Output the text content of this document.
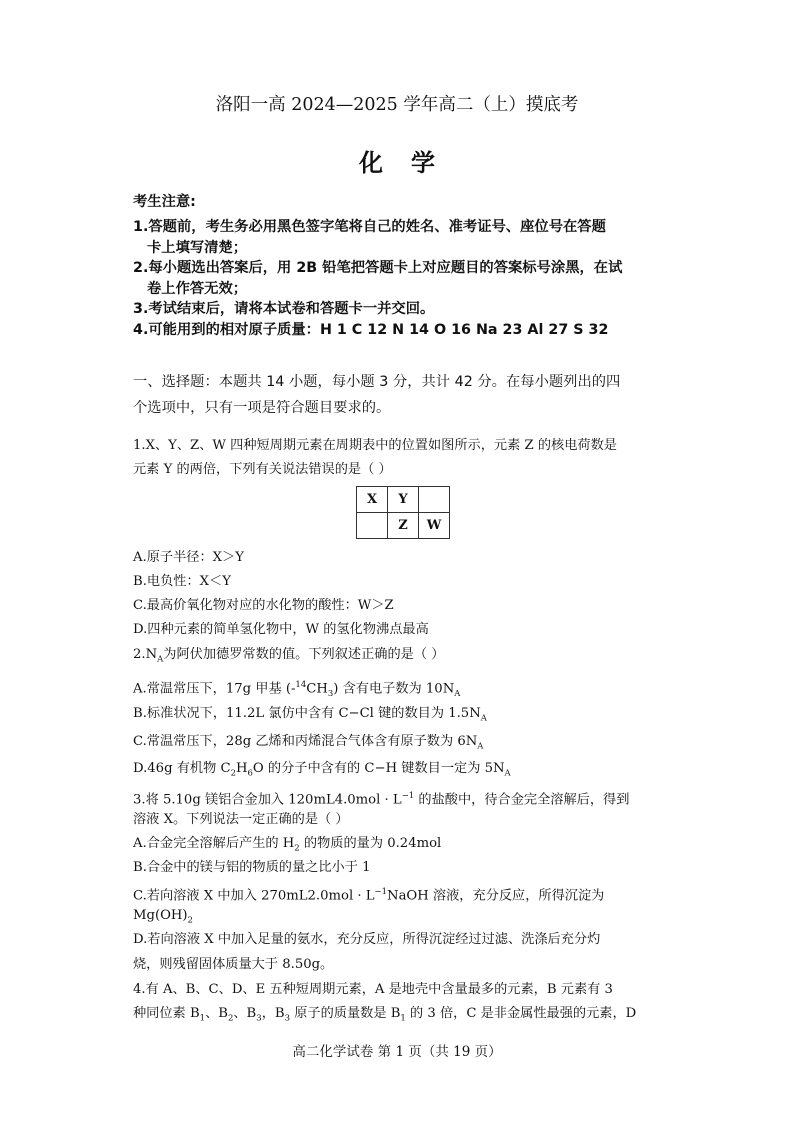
洛阳一高 2024—2025 学年高二（上）摸底考
化学
考生注意:
1.答题前，考生务必用黑色签字笔将自己的姓名、准考证号、座位号在答题
卡上填写清楚；
2.每小题选出答案后，用 2B 铅笔把答题卡上对应题目的答案标号涂黑，在试
卷上作答无效；
3.考试结束后，请将本试卷和答题卡一并交回。
4.可能用到的相对原子质量：H 1 C 12 N 14 O 16 Na 23 Al 27 S 32
一、选择题：本题共 14 小题，每小题 3 分，共计 42 分。在每小题列出的四
个选项中，只有一项是符合题目要求的。
1.X、Y、Z、W 四种短周期元素在周期表中的位置如图所示，元素 Z 的核电荷数是
元素 Y 的两倍，下列有关说法错误的是（ ）
X	Y	
	Z	W
A.原子半径：X＞Y
B.电负性：X＜Y
C.最高价氧化物对应的水化物的酸性：W＞Z
D.四种元素的简单氢化物中，W 的氢化物沸点最高
$2.N_A$为阿伏加德罗常数的值。下列叙述正确的是（ ）
A.常温常压下，17g 甲基 $(-^{14}CH_3)$ 含有电子数为 $10N_A$
B.标准状况下，11.2L 氯仿中含有 C−Cl 键的数目为 $1.5N_A$
C.常温常压下，28g 乙烯和丙烯混合气体含有原子数为 $6N_A$
D.46g 有机物 $C_2H_6O$ 的分子中含有的 C−H 键数目一定为 $5N_A$
3.将 5.10g 镁铝合金加入 $120mL4.0mol \cdot L^{-1}$ 的盐酸中，待合金完全溶解后，得到
溶液 X。下列说法一定正确的是（ ）
A.合金完全溶解后产生的 $H_2$ 的物质的量为 0.24mol
B.合金中的镁与铝的物质的量之比小于 1
C.若向溶液 X 中加入 $270mL2.0mol \cdot L^{-1}NaOH$ 溶液，充分反应，所得沉淀为
$Mg(OH)_2$
D.若向溶液 X 中加入足量的氨水，充分反应，所得沉淀经过过滤、洗涤后充分灼
烧，则残留固体质量大于 8.50g。
4.有 A、B、C、D、E 五种短周期元素，A 是地壳中含量最多的元素，B 元素有 3
种同位素 $B_1$、$B_2$、$B_3$，$B_3$ 原子的质量数是 $B_1$ 的 3 倍，C 是非金属性最强的元素，D
高二化学试卷 第 1 页（共 19 页）
